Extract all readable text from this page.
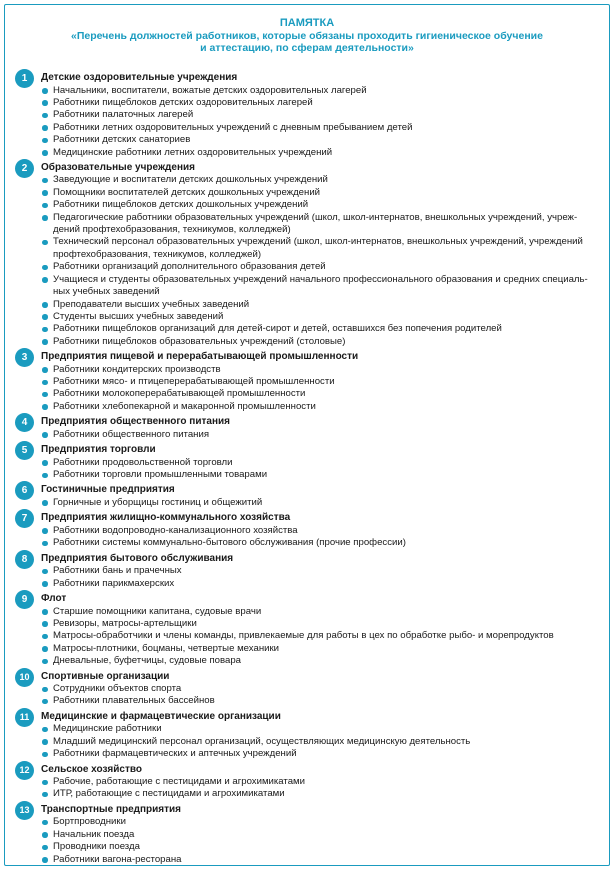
ПАМЯТКА
«Перечень должностей работников, которые обязаны проходить гигиеническое обучение
и аттестацию, по сферам деятельности»
1	Детские оздоровительные учреждения
Начальники, воспитатели, вожатые детских оздоровительных лагерей
Работники пищеблоков детских оздоровительных лагерей
Работники палаточных лагерей
Работники летних оздоровительных учреждений с дневным пребыванием детей
Работники детских санаториев
Медицинские работники летних оздоровительных учреждений
2	Образовательные учреждения
Заведующие и воспитатели детских дошкольных учреждений
Помощники воспитателей детских дошкольных учреждений
Работники пищеблоков детских дошкольных учреждений
Педагогические работники образовательных учреждений (школ, школ-интернатов, внешкольных учреждений, учреж-
дений профтехобразования, техникумов, колледжей)
Технический персонал образовательных учреждений (школ, школ-интернатов, внешкольных учреждений, учреждений
профтехобразования, техникумов, колледжей)
Работники организаций дополнительного образования детей
Учащиеся и студенты образовательных учреждений начального профессионального образования и средних специаль-
ных учебных заведений
Преподаватели высших учебных заведений
Студенты высших учебных заведений
Работники пищеблоков организаций для детей-сирот и детей, оставшихся без попечения родителей
Работники пищеблоков образовательных учреждений (столовые)
3	Предприятия пищевой и перерабатывающей промышленности
Работники кондитерских производств
Работники мясо- и птицеперерабатывающей промышленности
Работники молокоперерабатывающей промышленности
Работники хлебопекарной и макаронной промышленности
4	Предприятия общественного питания
Работники общественного питания
5	Предприятия торговли
Работники продовольственной торговли
Работники торговли промышленными товарами
6	Гостиничные предприятия
Горничные и уборщицы гостиниц и общежитий
7	Предприятия жилищно-коммунального хозяйства
Работники водопроводно-канализационного хозяйства
Работники системы коммунально-бытового обслуживания (прочие профессии)
8	Предприятия бытового обслуживания
Работники бань и прачечных
Работники парикмахерских
9	Флот
Старшие помощники капитана, судовые врачи
Ревизоры, матросы-артельщики
Матросы-обработчики и члены команды, привлекаемые для работы в цех по обработке рыбо- и морепродуктов
Матросы-плотники, боцманы, четвертые механики
Дневальные, буфетчицы, судовые повара
10	Спортивные организации
Сотрудники объектов спорта
Работники плавательных бассейнов
11	Медицинские и фармацевтические организации
Медицинские работники
Младший медицинский персонал организаций, осуществляющих медицинскую деятельность
Работники фармацевтических и аптечных учреждений
12	Сельское хозяйство
Рабочие, работающие с пестицидами и агрохимикатами
ИТР, работающие с пестицидами и агрохимикатами
13	Транспортные предприятия
Бортпроводники
Начальник поезда
Проводники поезда
Работники вагона-ресторана
